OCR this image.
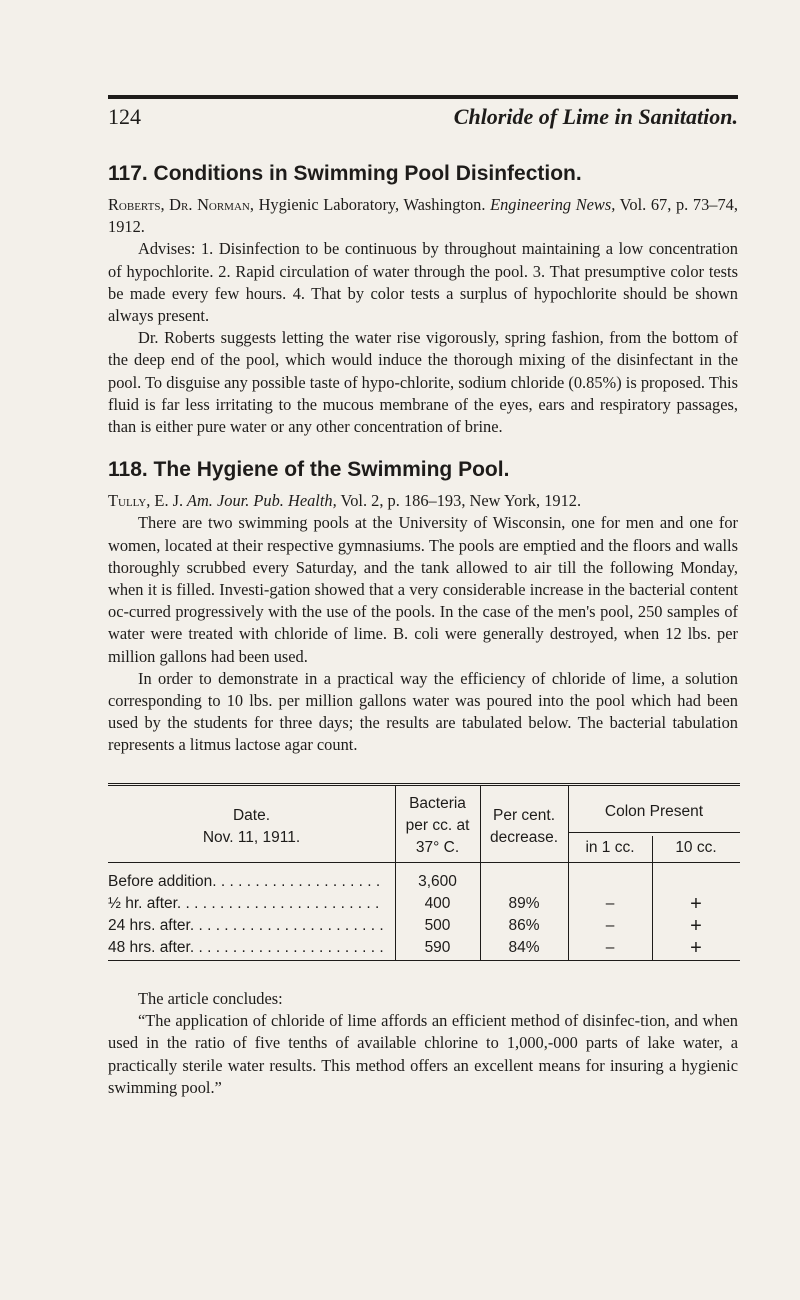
124	Chloride of Lime in Sanitation.
117. Conditions in Swimming Pool Disinfection.

Roberts, Dr. Norman, Hygienic Laboratory, Washington. Engineering News, Vol. 67, p. 73–74, 1912.

Advises: 1. Disinfection to be continuous by throughout maintaining a low concentration of hypochlorite. 2. Rapid circulation of water through the pool. 3. That presumptive color tests be made every few hours. 4. That by color tests a surplus of hypochlorite should be shown always present.

Dr. Roberts suggests letting the water rise vigorously, spring fashion, from the bottom of the deep end of the pool, which would induce the thorough mixing of the disinfectant in the pool. To disguise any possible taste of hypo-chlorite, sodium chloride (0.85%) is proposed. This fluid is far less irritating to the mucous membrane of the eyes, ears and respiratory passages, than is either pure water or any other concentration of brine.

118. The Hygiene of the Swimming Pool.

Tully, E. J. Am. Jour. Pub. Health, Vol. 2, p. 186–193, New York, 1912.

There are two swimming pools at the University of Wisconsin, one for men and one for women, located at their respective gymnasiums. The pools are emptied and the floors and walls thoroughly scrubbed every Saturday, and the tank allowed to air till the following Monday, when it is filled. Investi-gation showed that a very considerable increase in the bacterial content oc-curred progressively with the use of the pools. In the case of the men's pool, 250 samples of water were treated with chloride of lime. B. coli were generally destroyed, when 12 lbs. per million gallons had been used.

In order to demonstrate in a practical way the efficiency of chloride of lime, a solution corresponding to 10 lbs. per million gallons water was poured into the pool which had been used by the students for three days; the results are tabulated below. The bacterial tabulation represents a litmus lactose agar count.

Date.
Nov. 11, 1911.
Bacteria
per cc. at
37° C.
Per cent.
decrease.
Colon Present
in 1 cc.	10 cc.
Before addition. . . . . . . . . . . . . . . . . . . .	3,600
½ hr. after. . . . . . . . . . . . . . . . . . . . . . . .	400	89%	–	+
24 hrs. after. . . . . . . . . . . . . . . . . . . . . . .	500	86%	–	+
48 hrs. after. . . . . . . . . . . . . . . . . . . . . . .	590	84%	–	+

The article concludes:

“The application of chloride of lime affords an efficient method of disinfec-tion, and when used in the ratio of five tenths of available chlorine to 1,000,-000 parts of lake water, a practically sterile water results. This method offers an excellent means for insuring a hygienic swimming pool.”
